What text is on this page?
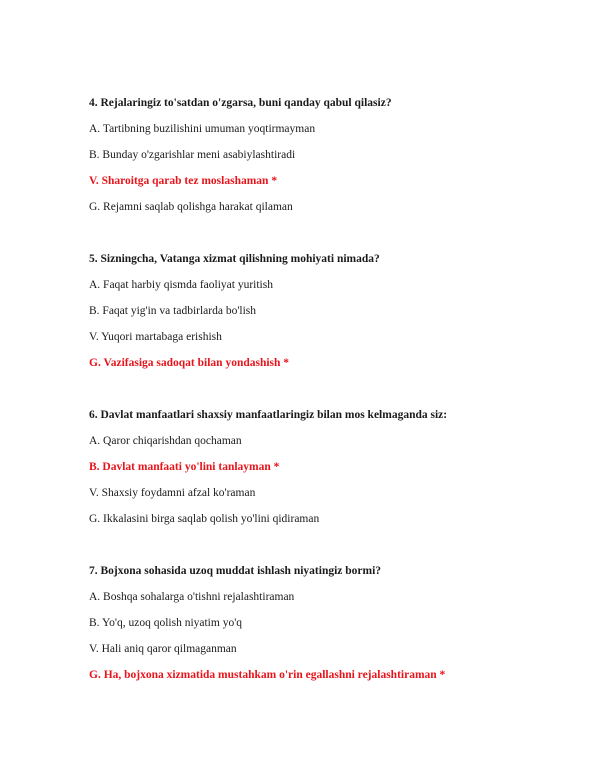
4. Rejalaringiz to'satdan o'zgarsa, buni qanday qabul qilasiz?
A. Tartibning buzilishini umuman yoqtirmayman
B. Bunday o'zgarishlar meni asabiylashtiradi
V. Sharoitga qarab tez moslashaman *
G. Rejamni saqlab qolishga harakat qilaman
5. Sizningcha, Vatanga xizmat qilishning mohiyati nimada?
A. Faqat harbiy qismda faoliyat yuritish
B. Faqat yig'in va tadbirlarda bo'lish
V. Yuqori martabaga erishish
G. Vazifasiga sadoqat bilan yondashish *
6. Davlat manfaatlari shaxsiy manfaatlaringiz bilan mos kelmaganda siz:
A. Qaror chiqarishdan qochaman
B. Davlat manfaati yo'lini tanlayman *
V. Shaxsiy foydamni afzal ko'raman
G. Ikkalasini birga saqlab qolish yo'lini qidiraman
7. Bojxona sohasida uzoq muddat ishlash niyatingiz bormi?
A. Boshqa sohalarga o'tishni rejalashtiraman
B. Yo'q, uzoq qolish niyatim yo'q
V. Hali aniq qaror qilmaganman
G. Ha, bojxona xizmatida mustahkam o'rin egallashni rejalashtiraman *
